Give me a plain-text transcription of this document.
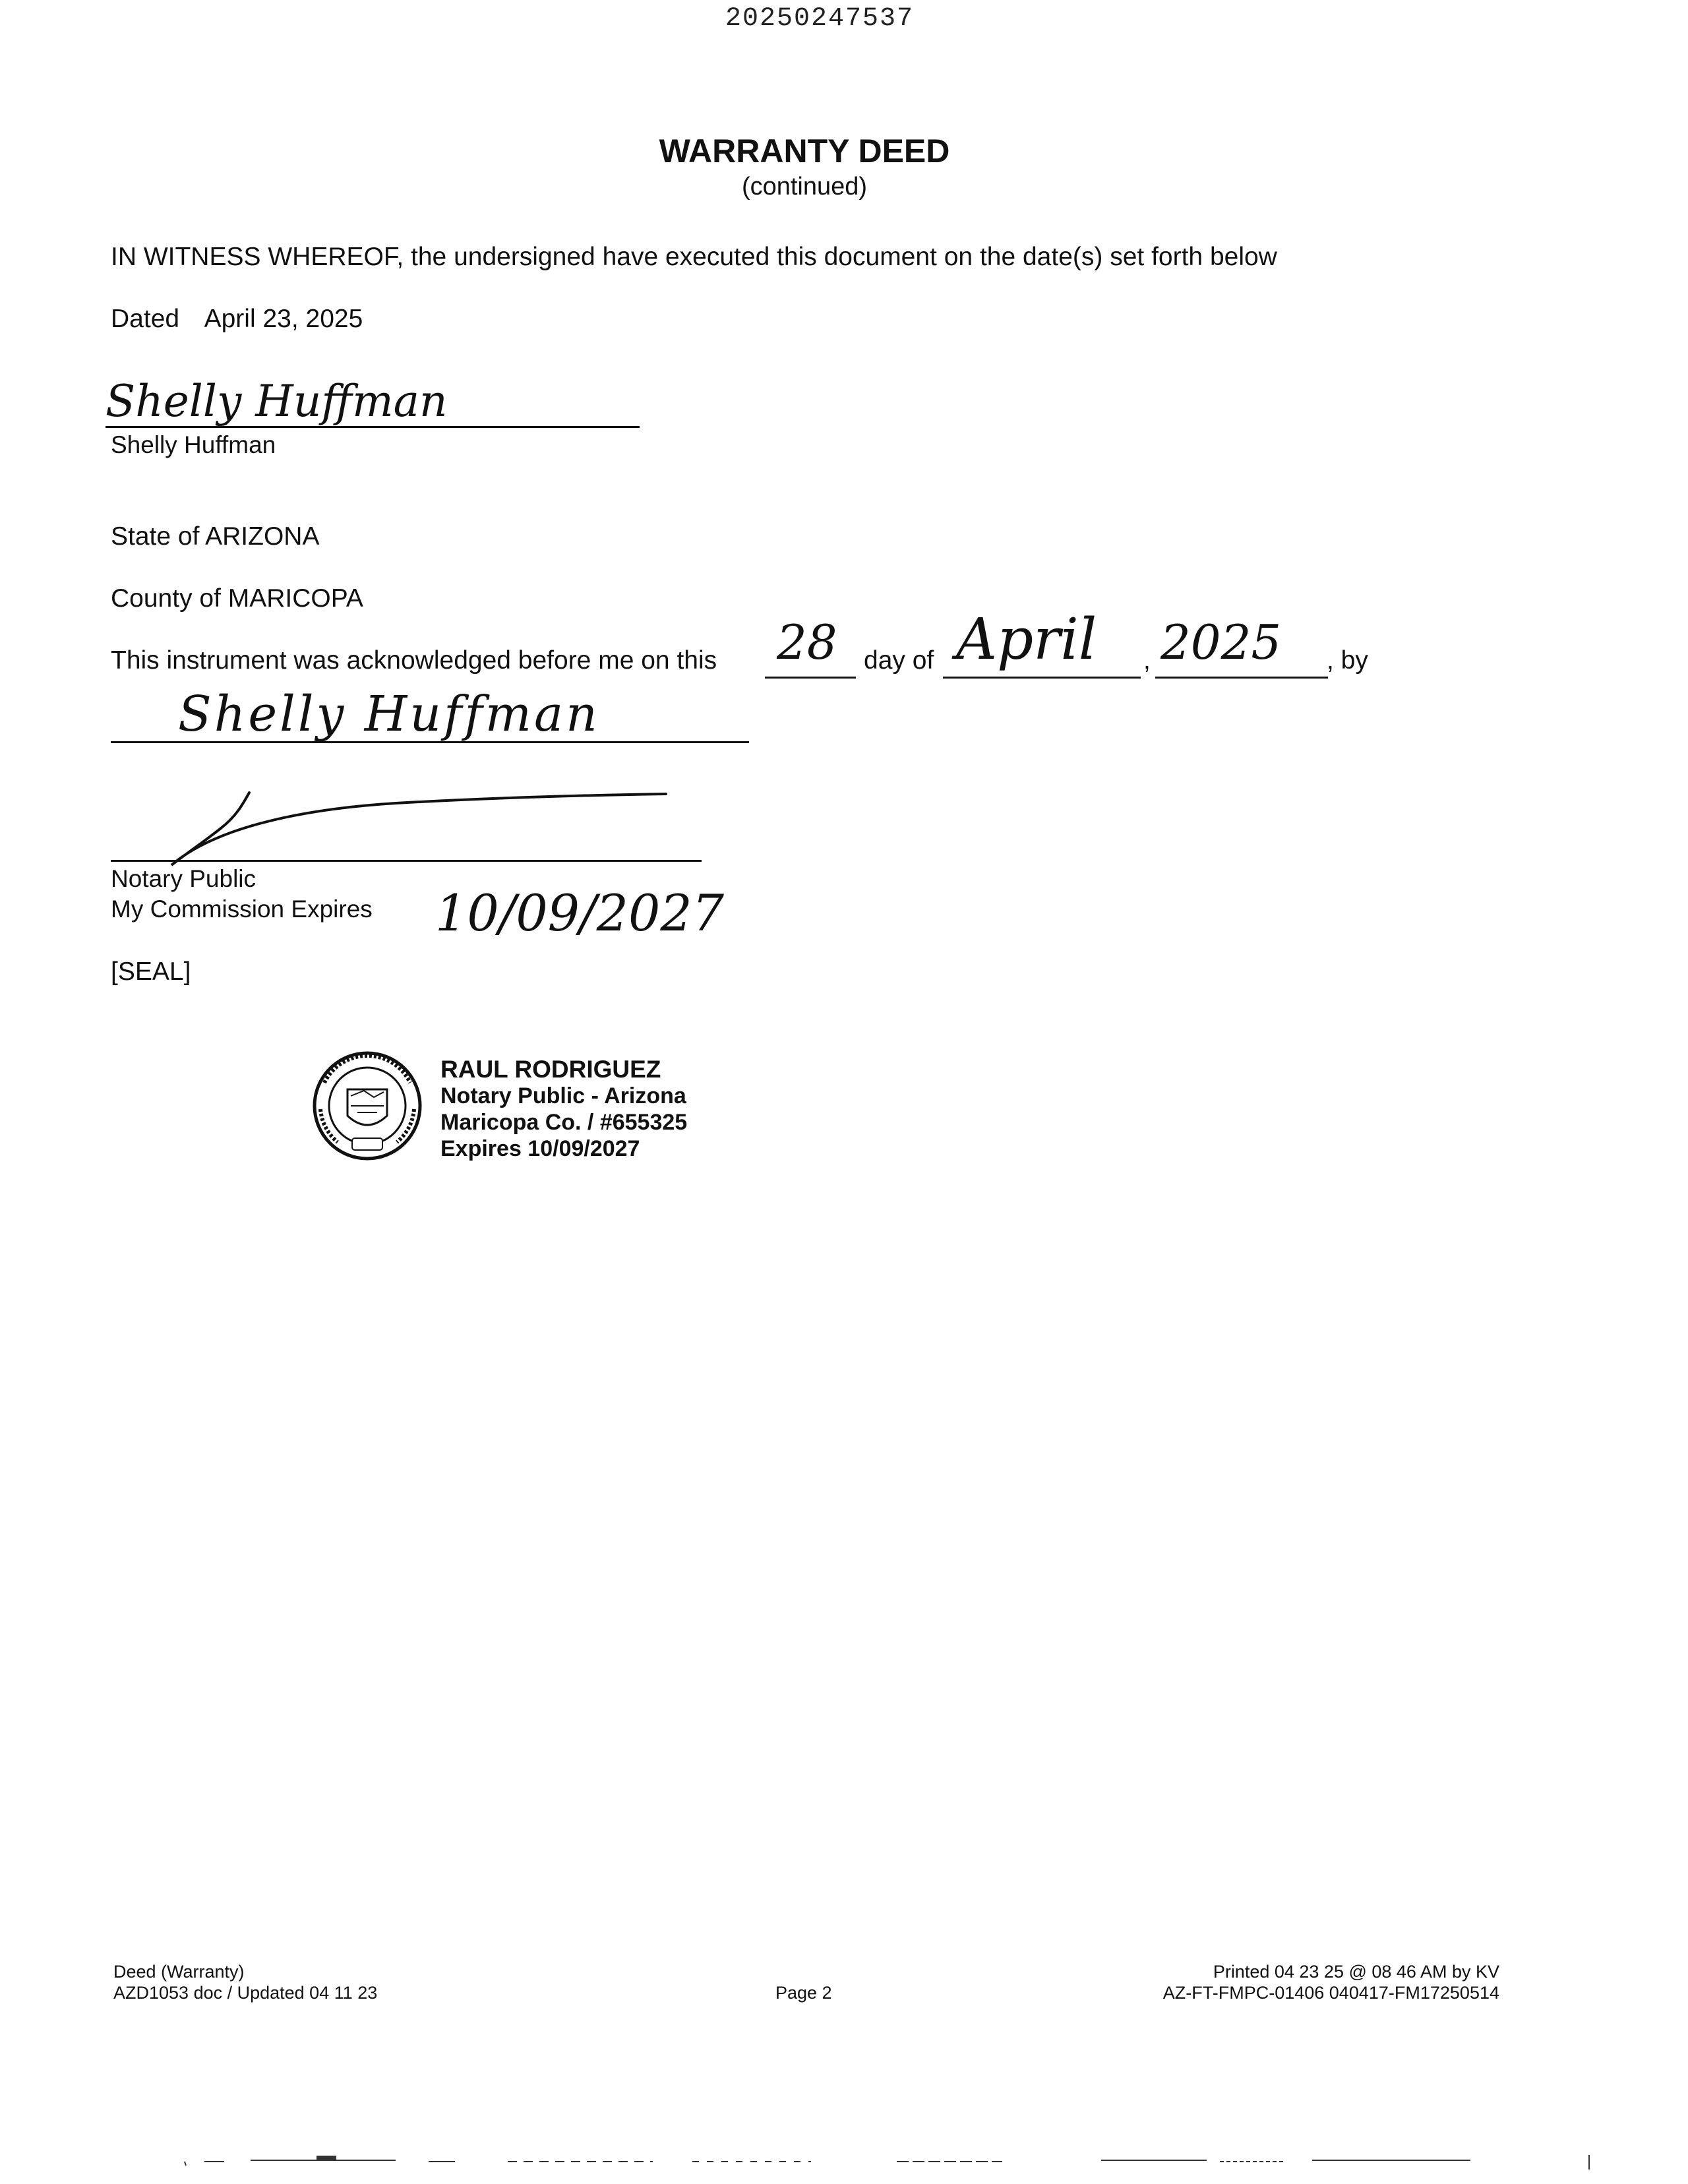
20250247537
WARRANTY DEED
(continued)
IN WITNESS WHEREOF, the undersigned have executed this document on the date(s) set forth below
Dated April 23, 2025
Shelly Huffman
Shelly Huffman
State of ARIZONA
County of MARICOPA
This instrument was acknowledged before me on this 28 day of April , 2025 , by
Shelly Huffman
Notary Public
My Commission Expires 10/09/2027
[SEAL]
RAUL RODRIGUEZ
Notary Public - Arizona
Maricopa Co. / #655325
Expires 10/09/2027
Deed (Warranty)
AZD1053 doc / Updated 04 11 23	Page 2
Printed 04 23 25 @ 08 46 AM by KV
AZ-FT-FMPC-01406 040417-FM17250514
